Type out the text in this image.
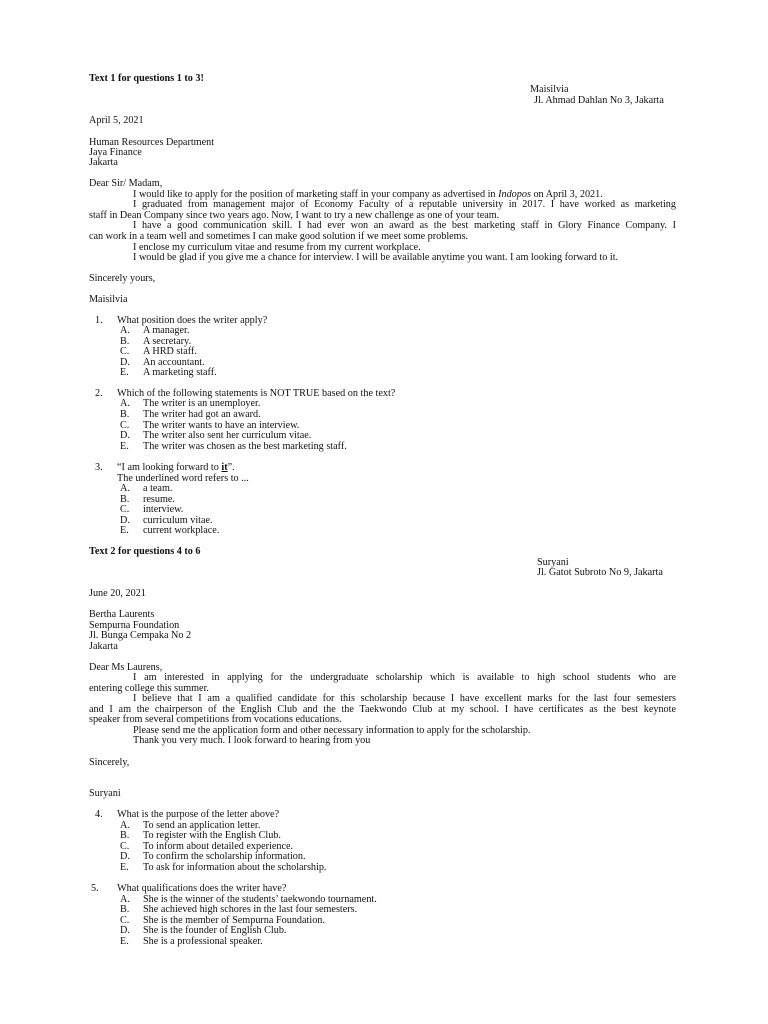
Text 1 for questions 1 to 3!
Maisilvia
Jl. Ahmad Dahlan No 3, Jakarta
April 5, 2021
Human Resources Department
Jaya Finance
Jakarta
Dear Sir/ Madam,
I would like to apply for the position of marketing staff in your company as advertised in Indopos on April 3, 2021.
I graduated from management major of Economy Faculty of a reputable university in 2017. I have worked as marketing
staff in Dean Company since two years ago. Now, I want to try a new challenge as one of your team.
I have a good communication skill. I had ever won an award as the best marketing staff in Glory Finance Company. I
can work in a team well and sometimes I can make good solution if we meet some problems.
I enclose my curriculum vitae and resume from my current workplace.
I would be glad if you give me a chance for interview. I will be available anytime you want. I am looking forward to it.
Sincerely yours,
Maisilvia
1. What position does the writer apply?
A. A manager.
B. A secretary.
C. A HRD staff.
D. An accountant.
E. A marketing staff.
2. Which of the following statements is NOT TRUE based on the text?
A. The writer is an unemployer.
B. The writer had got an award.
C. The writer wants to have an interview.
D. The writer also sent her curriculum vitae.
E. The writer was chosen as the best marketing staff.
3. “I am looking forward to it”.
The underlined word refers to ...
A. a team.
B. resume.
C. interview.
D. curriculum vitae.
E. current workplace.
Text 2 for questions 4 to 6
Suryani
Jl. Gatot Subroto No 9, Jakarta
June 20, 2021
Bertha Laurents
Sempurna Foundation
Jl. Bunga Cempaka No 2
Jakarta
Dear Ms Laurens,
I am interested in applying for the undergraduate scholarship which is available to high school students who are
entering college this summer.
I believe that I am a qualified candidate for this scholarship because I have excellent marks for the last four semesters
and I am the chairperson of the English Club and the the Taekwondo Club at my school. I have certificates as the best keynote
speaker from several competitions from vocations educations.
Please send me the application form and other necessary information to apply for the scholarship.
Thank you very much. I look forward to hearing from you
Sincerely,
Suryani
4. What is the purpose of the letter above?
A. To send an application letter.
B. To register with the English Club.
C. To inform about detailed experience.
D. To confirm the scholarship information.
E. To ask for information about the scholarship.
5. What qualifications does the writer have?
A. She is the winner of the students’ taekwondo tournament.
B. She achieved high schores in the last four semesters.
C. She is the member of Sempurna Foundation.
D. She is the founder of English Club.
E. She is a professional speaker.
